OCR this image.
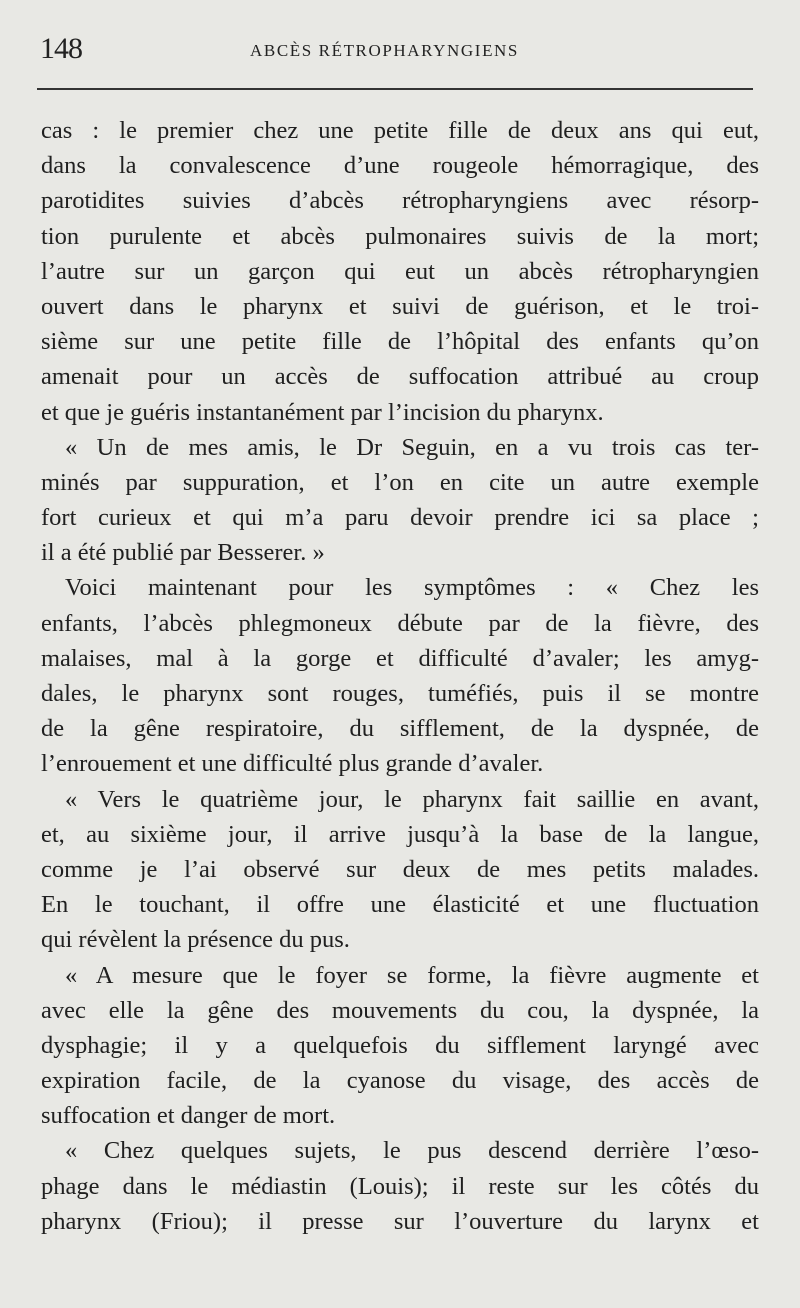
148	ABCÈS RÉTROPHARYNGIENS
cas : le premier chez une petite fille de deux ans qui eut,
dans la convalescence d’une rougeole hémorragique, des
parotidites suivies d’abcès rétropharyngiens avec résorp-
tion purulente et abcès pulmonaires suivis de la mort;
l’autre sur un garçon qui eut un abcès rétropharyngien
ouvert dans le pharynx et suivi de guérison, et le troi-
sième sur une petite fille de l’hôpital des enfants qu’on
amenait pour un accès de suffocation attribué au croup
et que je guéris instantanément par l’incision du pharynx.
« Un de mes amis, le Dr Seguin, en a vu trois cas ter-
minés par suppuration, et l’on en cite un autre exemple
fort curieux et qui m’a paru devoir prendre ici sa place ;
il a été publié par Besserer. »
Voici maintenant pour les symptômes : « Chez les
enfants, l’abcès phlegmoneux débute par de la fièvre, des
malaises, mal à la gorge et difficulté d’avaler; les amyg-
dales, le pharynx sont rouges, tuméfiés, puis il se montre
de la gêne respiratoire, du sifflement, de la dyspnée, de
l’enrouement et une difficulté plus grande d’avaler.
« Vers le quatrième jour, le pharynx fait saillie en avant,
et, au sixième jour, il arrive jusqu’à la base de la langue,
comme je l’ai observé sur deux de mes petits malades.
En le touchant, il offre une élasticité et une fluctuation
qui révèlent la présence du pus.
« A mesure que le foyer se forme, la fièvre augmente et
avec elle la gêne des mouvements du cou, la dyspnée, la
dysphagie; il y a quelquefois du sifflement laryngé avec
expiration facile, de la cyanose du visage, des accès de
suffocation et danger de mort.
« Chez quelques sujets, le pus descend derrière l’œso-
phage dans le médiastin (Louis); il reste sur les côtés du
pharynx (Friou); il presse sur l’ouverture du larynx et
